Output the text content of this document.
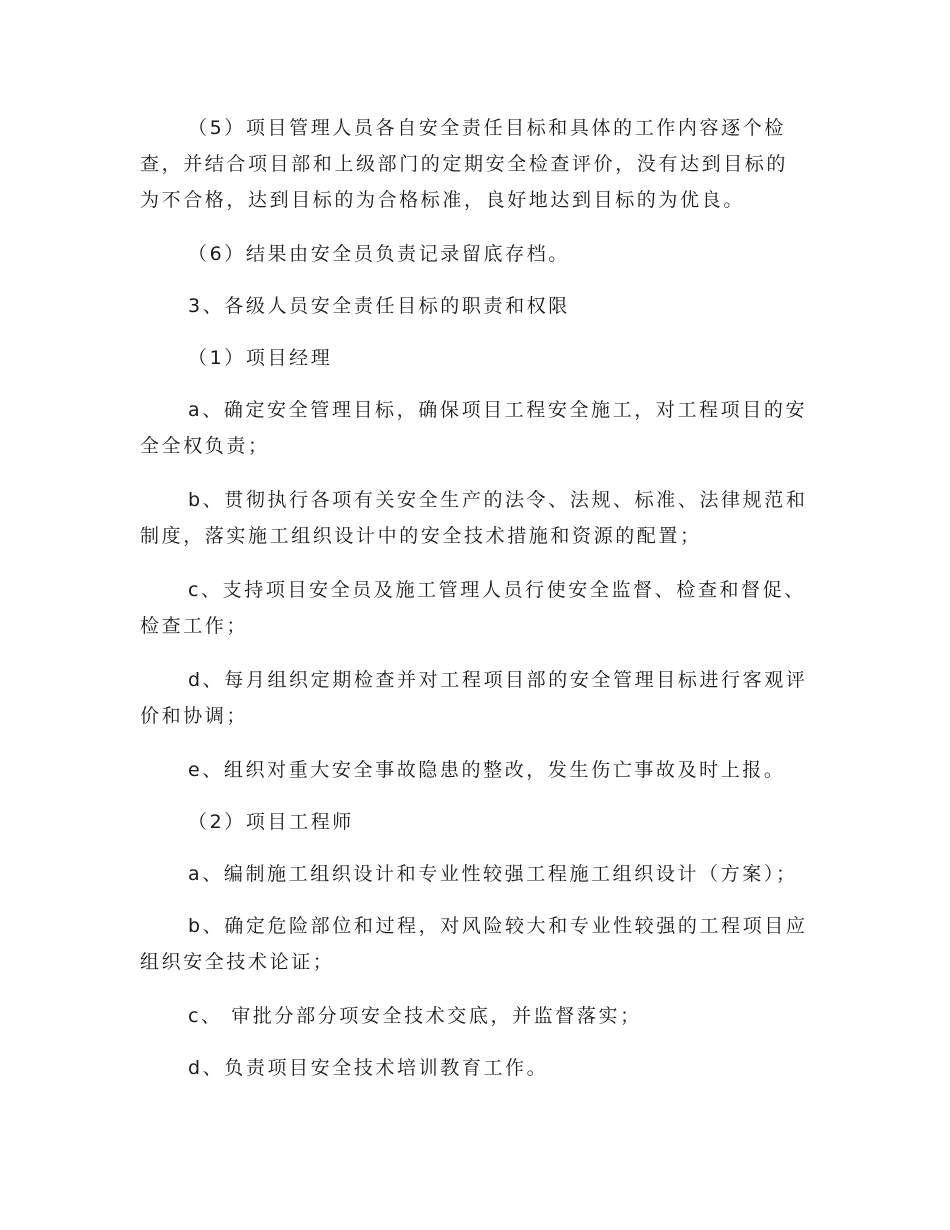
（5）项目管理人员各自安全责任目标和具体的工作内容逐个检
查，并结合项目部和上级部门的定期安全检查评价，没有达到目标的
为不合格，达到目标的为合格标准，良好地达到目标的为优良。

（6）结果由安全员负责记录留底存档。

3、各级人员安全责任目标的职责和权限

（1）项目经理

a、确定安全管理目标，确保项目工程安全施工，对工程项目的安
全全权负责；

b、贯彻执行各项有关安全生产的法令、法规、标准、法律规范和
制度，落实施工组织设计中的安全技术措施和资源的配置；

c、支持项目安全员及施工管理人员行使安全监督、检查和督促、
检查工作；

d、每月组织定期检查并对工程项目部的安全管理目标进行客观评
价和协调；

e、组织对重大安全事故隐患的整改，发生伤亡事故及时上报。

（2）项目工程师

a、编制施工组织设计和专业性较强工程施工组织设计（方案）；

b、确定危险部位和过程，对风险较大和专业性较强的工程项目应
组织安全技术论证；

c、 审批分部分项安全技术交底，并监督落实；

d、负责项目安全技术培训教育工作。
